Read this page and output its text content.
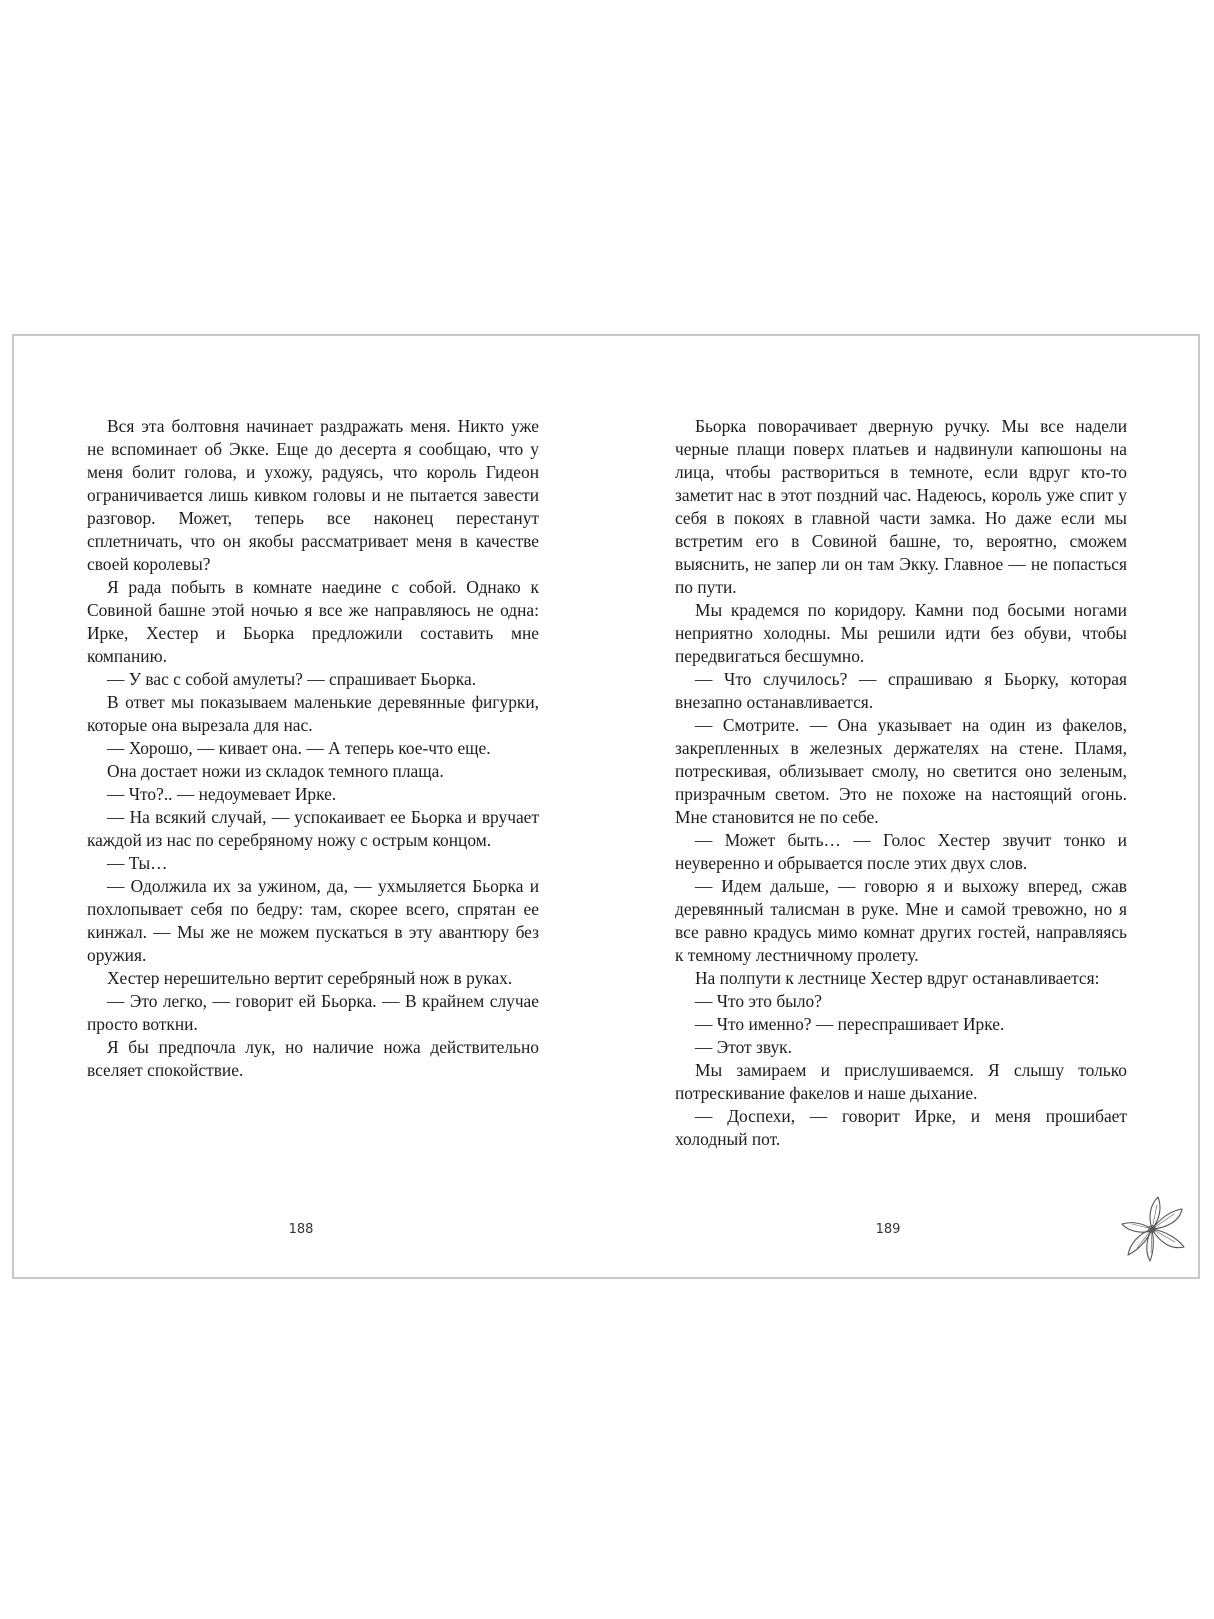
Вся эта болтовня начинает раздражать меня. Никто уже не вспоминает об Экке. Еще до десерта я сообщаю, что у меня болит голова, и ухожу, радуясь, что король Гидеон ограничивается лишь кивком головы и не пытается завести разговор. Может, теперь все наконец перестанут сплетничать, что он якобы рассматривает меня в качестве своей королевы?

Я рада побыть в комнате наедине с собой. Однако к Совиной башне этой ночью я все же направляюсь не одна: Ирке, Хестер и Бьорка предложили составить мне компанию.

— У вас с собой амулеты? — спрашивает Бьорка.

В ответ мы показываем маленькие деревянные фигурки, которые она вырезала для нас.

— Хорошо, — кивает она. — А теперь кое-что еще.

Она достает ножи из складок темного плаща.

— Что?.. — недоумевает Ирке.

— На всякий случай, — успокаивает ее Бьорка и вручает каждой из нас по серебряному ножу с острым концом.

— Ты…

— Одолжила их за ужином, да, — ухмыляется Бьорка и похлопывает себя по бедру: там, скорее всего, спрятан ее кинжал. — Мы же не можем пускаться в эту авантюру без оружия.

Хестер нерешительно вертит серебряный нож в руках.

— Это легко, — говорит ей Бьорка. — В крайнем случае просто воткни.

Я бы предпочла лук, но наличие ножа действительно вселяет спокойствие.

Бьорка поворачивает дверную ручку. Мы все надели черные плащи поверх платьев и надвинули капюшоны на лица, чтобы раствориться в темноте, если вдруг кто-то заметит нас в этот поздний час. Надеюсь, король уже спит у себя в покоях в главной части замка. Но даже если мы встретим его в Совиной башне, то, вероятно, сможем выяснить, не запер ли он там Экку. Главное — не попасться по пути.

Мы крадемся по коридору. Камни под босыми ногами неприятно холодны. Мы решили идти без обуви, чтобы передвигаться бесшумно.

— Что случилось? — спрашиваю я Бьорку, которая внезапно останавливается.

— Смотрите. — Она указывает на один из факелов, закрепленных в железных держателях на стене. Пламя, потрескивая, облизывает смолу, но светится оно зеленым, призрачным светом. Это не похоже на настоящий огонь. Мне становится не по себе.

— Может быть… — Голос Хестер звучит тонко и неуверенно и обрывается после этих двух слов.

— Идем дальше, — говорю я и выхожу вперед, сжав деревянный талисман в руке. Мне и самой тревожно, но я все равно крадусь мимо комнат других гостей, направляясь к темному лестничному пролету.

На полпути к лестнице Хестер вдруг останавливается:

— Что это было?

— Что именно? — переспрашивает Ирке.

— Этот звук.

Мы замираем и прислушиваемся. Я слышу только потрескивание факелов и наше дыхание.

— Доспехи, — говорит Ирке, и меня прошибает холодный пот.

188	189
